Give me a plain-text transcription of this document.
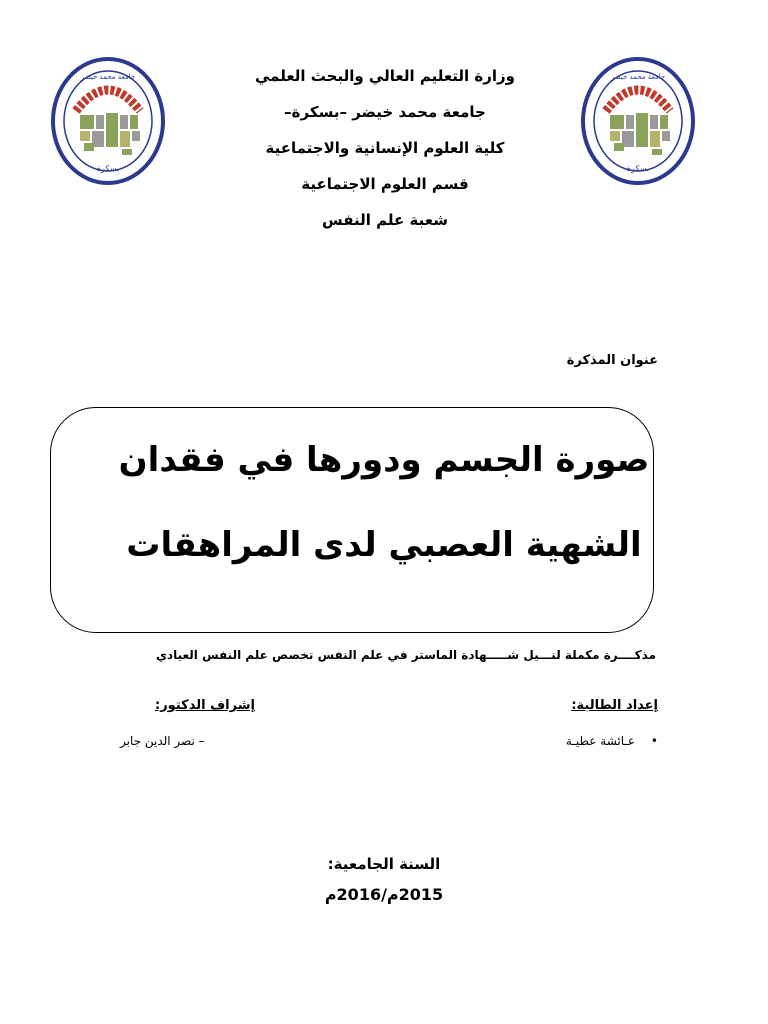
جامعة محمد خيضر
بسكرة
جامعة محمد خيضر
بسكرة
وزارة التعليم العالي والبحث العلمي
جامعة محمد خيضر –بسكرة–
كلية العلوم الإنسانية والاجتماعية
قسم العلوم الاجتماعية
شعبة علم النفس
عنوان المذكرة
صورة الجسم ودورها في فقدان
الشهية العصبي لدى المراهقات
مذكــــرة مكملة لنـــيل شـــــهادة الماستر في علم النفس تخصص علم النفس العيادي
إعداد الطالبة:
إشراف الدكتور:
• عـائشة عطيـة
– نصر الدين جابر
السنة الجامعية:
2015م/2016م
